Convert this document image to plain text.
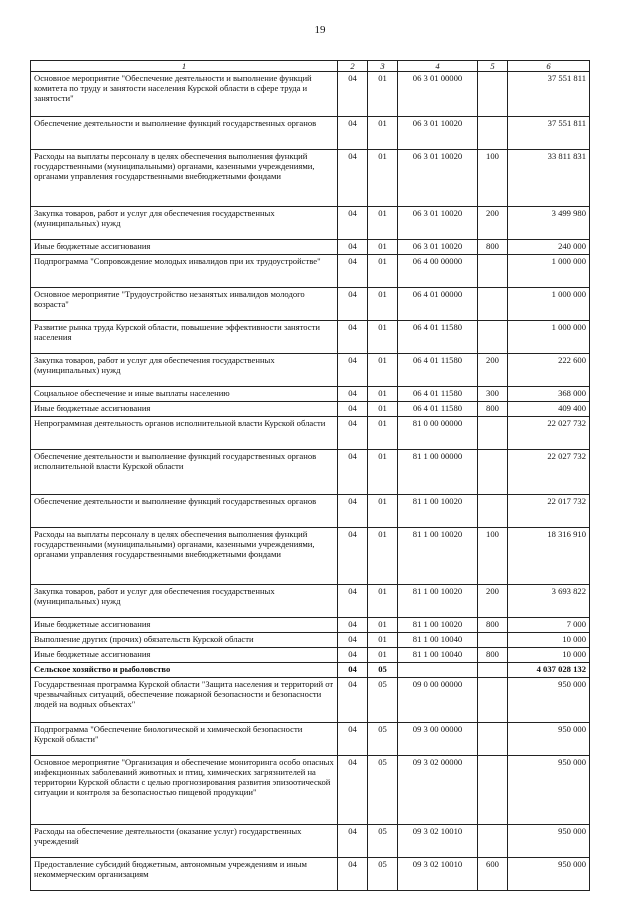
19
1	2	3	4	5	6
Основное мероприятие "Обеспечение деятельности и выполнение функций комитета по труду и занятости населения Курской области в сфере труда и занятости"	04	01	06 3 01 00000		37 551 811
Обеспечение деятельности и выполнение функций государственных органов	04	01	06 3 01 10020		37 551 811
Расходы на выплаты персоналу в целях обеспечения выполнения функций государственными (муниципальными) органами, казенными учреждениями, органами управления государственными внебюджетными фондами	04	01	06 3 01 10020	100	33 811 831
Закупка товаров, работ и услуг для обеспечения государственных (муниципальных) нужд	04	01	06 3 01 10020	200	3 499 980
Иные бюджетные ассигнования	04	01	06 3 01 10020	800	240 000
Подпрограмма "Сопровождение молодых инвалидов при их трудоустройстве"	04	01	06 4 00 00000		1 000 000
Основное мероприятие "Трудоустройство незанятых инвалидов молодого возраста"	04	01	06 4 01 00000		1 000 000
Развитие рынка труда Курской области, повышение эффективности занятости населения	04	01	06 4 01 11580		1 000 000
Закупка товаров, работ и услуг для обеспечения государственных (муниципальных) нужд	04	01	06 4 01 11580	200	222 600
Социальное обеспечение и иные выплаты населению	04	01	06 4 01 11580	300	368 000
Иные бюджетные ассигнования	04	01	06 4 01 11580	800	409 400
Непрограммная деятельность органов исполнительной власти Курской области	04	01	81 0 00 00000		22 027 732
Обеспечение деятельности и выполнение функций государственных органов исполнительной власти Курской области	04	01	81 1 00 00000		22 027 732
Обеспечение деятельности и выполнение функций государственных органов	04	01	81 1 00 10020		22 017 732
Расходы на выплаты персоналу в целях обеспечения выполнения функций государственными (муниципальными) органами, казенными учреждениями, органами управления государственными внебюджетными фондами	04	01	81 1 00 10020	100	18 316 910
Закупка товаров, работ и услуг для обеспечения государственных (муниципальных) нужд	04	01	81 1 00 10020	200	3 693 822
Иные бюджетные ассигнования	04	01	81 1 00 10020	800	7 000
Выполнение других (прочих) обязательств Курской области	04	01	81 1 00 10040		10 000
Иные бюджетные ассигнования	04	01	81 1 00 10040	800	10 000
Сельское хозяйство и рыболовство	04	05			4 037 028 132
Государственная программа Курской области "Защита населения и территорий от чрезвычайных ситуаций, обеспечение пожарной безопасности и безопасности людей на водных объектах"	04	05	09 0 00 00000		950 000
Подпрограмма "Обеспечение биологической и химической безопасности Курской области"	04	05	09 3 00 00000		950 000
Основное мероприятие "Организация и обеспечение мониторинга особо опасных инфекционных заболеваний животных и птиц, химических загрязнителей на территории Курской области с целью прогнозирования развития эпизоотической ситуации и контроля за безопасностью пищевой продукции"	04	05	09 3 02 00000		950 000
Расходы на обеспечение деятельности (оказание услуг) государственных учреждений	04	05	09 3 02 10010		950 000
Предоставление субсидий бюджетным, автономным учреждениям и иным некоммерческим организациям	04	05	09 3 02 10010	600	950 000
